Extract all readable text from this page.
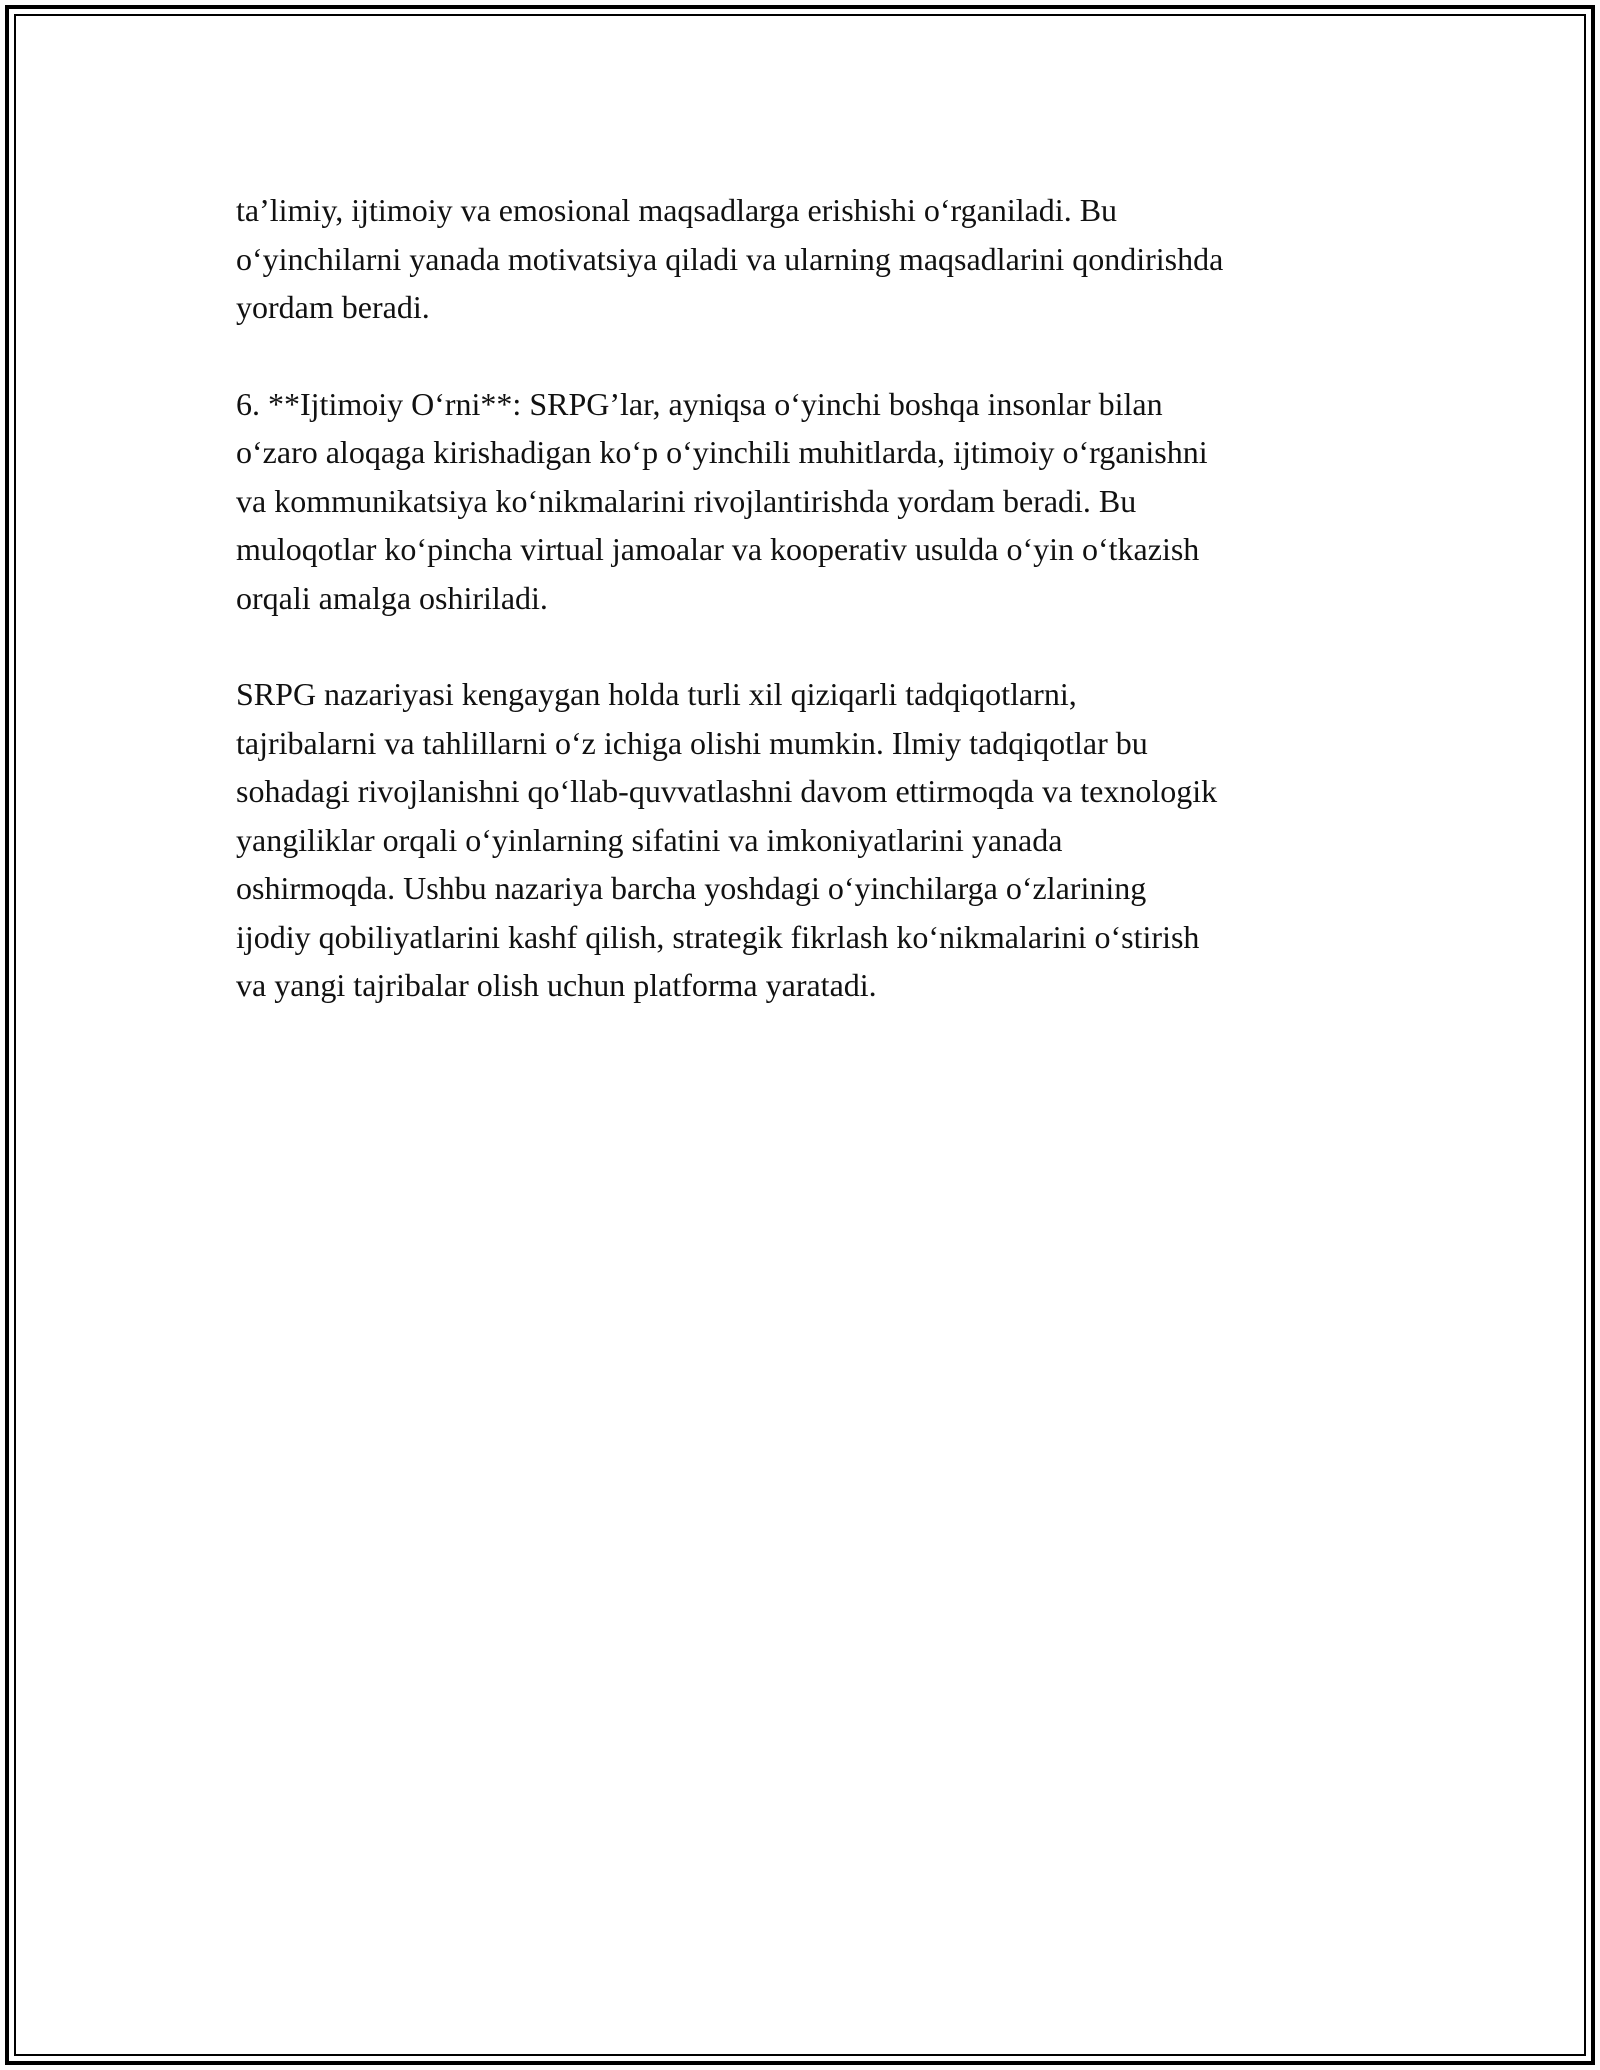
ta’limiy, ijtimoiy va emosional maqsadlarga erishishi o‘rganiladi. Bu
o‘yinchilarni yanada motivatsiya qiladi va ularning maqsadlarini qondirishda
yordam beradi.

6. **Ijtimoiy O‘rni**: SRPG’lar, ayniqsa o‘yinchi boshqa insonlar bilan
o‘zaro aloqaga kirishadigan ko‘p o‘yinchili muhitlarda, ijtimoiy o‘rganishni
va kommunikatsiya ko‘nikmalarini rivojlantirishda yordam beradi. Bu
muloqotlar ko‘pincha virtual jamoalar va kooperativ usulda o‘yin o‘tkazish
orqali amalga oshiriladi.

SRPG nazariyasi kengaygan holda turli xil qiziqarli tadqiqotlarni,
tajribalarni va tahlillarni o‘z ichiga olishi mumkin. Ilmiy tadqiqotlar bu
sohadagi rivojlanishni qo‘llab-quvvatlashni davom ettirmoqda va texnologik
yangiliklar orqali o‘yinlarning sifatini va imkoniyatlarini yanada
oshirmoqda. Ushbu nazariya barcha yoshdagi o‘yinchilarga o‘zlarining
ijodiy qobiliyatlarini kashf qilish, strategik fikrlash ko‘nikmalarini o‘stirish
va yangi tajribalar olish uchun platforma yaratadi.
